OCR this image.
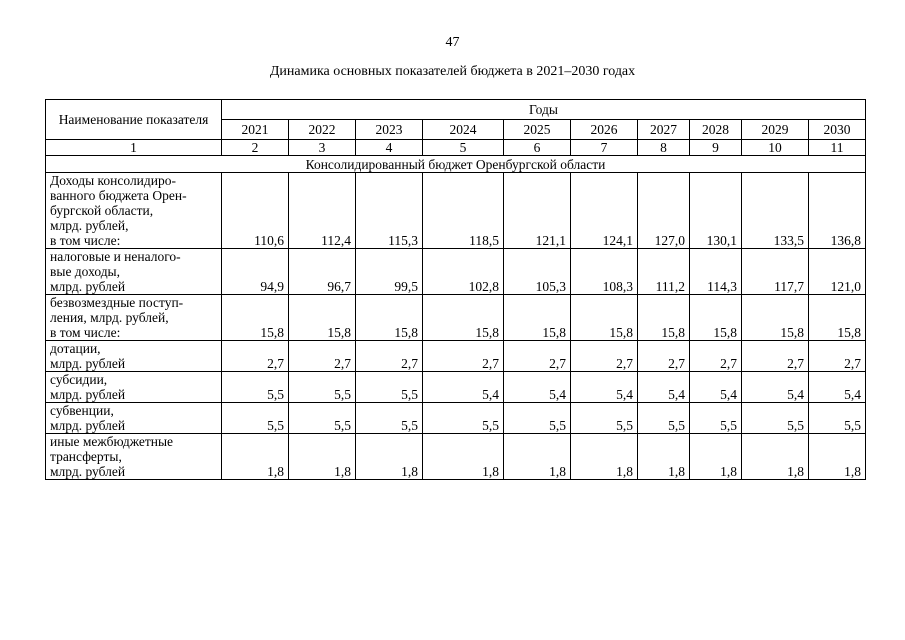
47
Динамика основных показателей бюджета в 2021–2030 годах
Наименование показателя	Годы									
	2021	2022	2023	2024	2025	2026	2027	2028	2029	2030
1	2	3	4	5	6	7	8	9	10	11
Консолидированный бюджет Оренбургской области										

Доходы консолидиро-
ванного бюджета Орен-
бургской области,
млрд. рублей,
в том числе:	110,6	112,4	115,3	118,5	121,1	124,1	127,0	130,1	133,5	136,8

налоговые и неналого-
вые доходы,
млрд. рублей	94,9	96,7	99,5	102,8	105,3	108,3	111,2	114,3	117,7	121,0

безвозмездные поступ-
ления, млрд. рублей,
в том числе:	15,8	15,8	15,8	15,8	15,8	15,8	15,8	15,8	15,8	15,8

дотации,
млрд. рублей	2,7	2,7	2,7	2,7	2,7	2,7	2,7	2,7	2,7	2,7

субсидии,
млрд. рублей	5,5	5,5	5,5	5,4	5,4	5,4	5,4	5,4	5,4	5,4

субвенции,
млрд. рублей	5,5	5,5	5,5	5,5	5,5	5,5	5,5	5,5	5,5	5,5

иные межбюджетные
трансферты,
млрд. рублей	1,8	1,8	1,8	1,8	1,8	1,8	1,8	1,8	1,8	1,8
